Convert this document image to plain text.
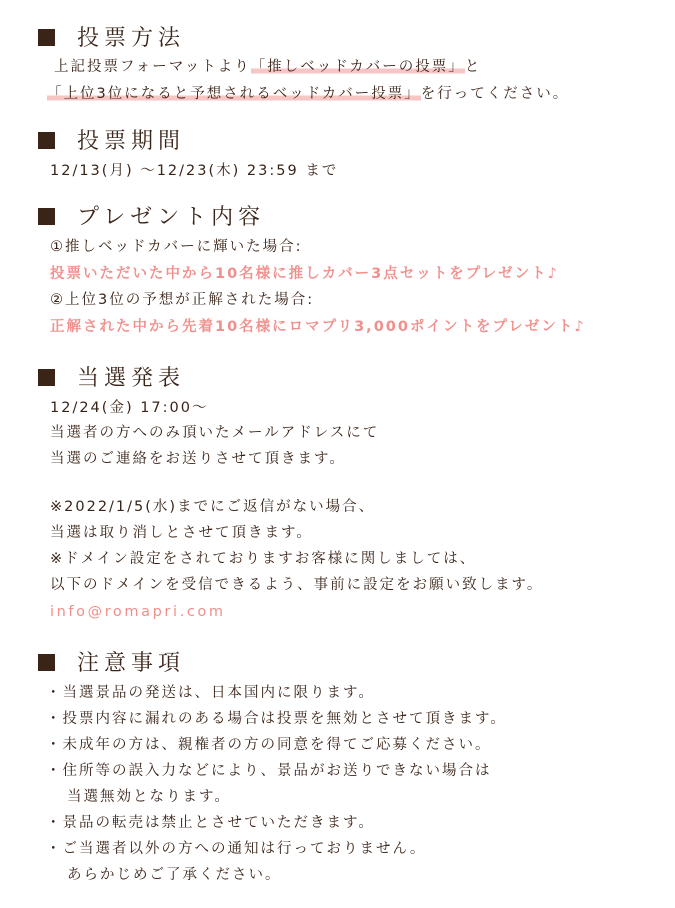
投票方法
上記投票フォーマットより「推しベッドカバーの投票」と
「上位3位になると予想されるベッドカバー投票」を行ってください。
投票期間
12/13(月) 〜12/23(木) 23:59 まで
プレゼント内容
①推しベッドカバーに輝いた場合:
投票いただいた中から10名様に推しカバー3点セットをプレゼント♪
②上位3位の予想が正解された場合:
正解された中から先着10名様にロマプリ3,000ポイントをプレゼント♪
当選発表
12/24(金) 17:00〜
当選者の方へのみ頂いたメールアドレスにて
当選のご連絡をお送りさせて頂きます。
※2022/1/5(水)までにご返信がない場合、
当選は取り消しとさせて頂きます。
※ドメイン設定をされておりますお客様に関しましては、
以下のドメインを受信できるよう、事前に設定をお願い致します。
info@romapri.com
注意事項
・当選景品の発送は、日本国内に限ります。
・投票内容に漏れのある場合は投票を無効とさせて頂きます。
・未成年の方は、親権者の方の同意を得てご応募ください。
・住所等の誤入力などにより、景品がお送りできない場合は
当選無効となります。
・景品の転売は禁止とさせていただきます。
・ご当選者以外の方への通知は行っておりません。
あらかじめご了承ください。
